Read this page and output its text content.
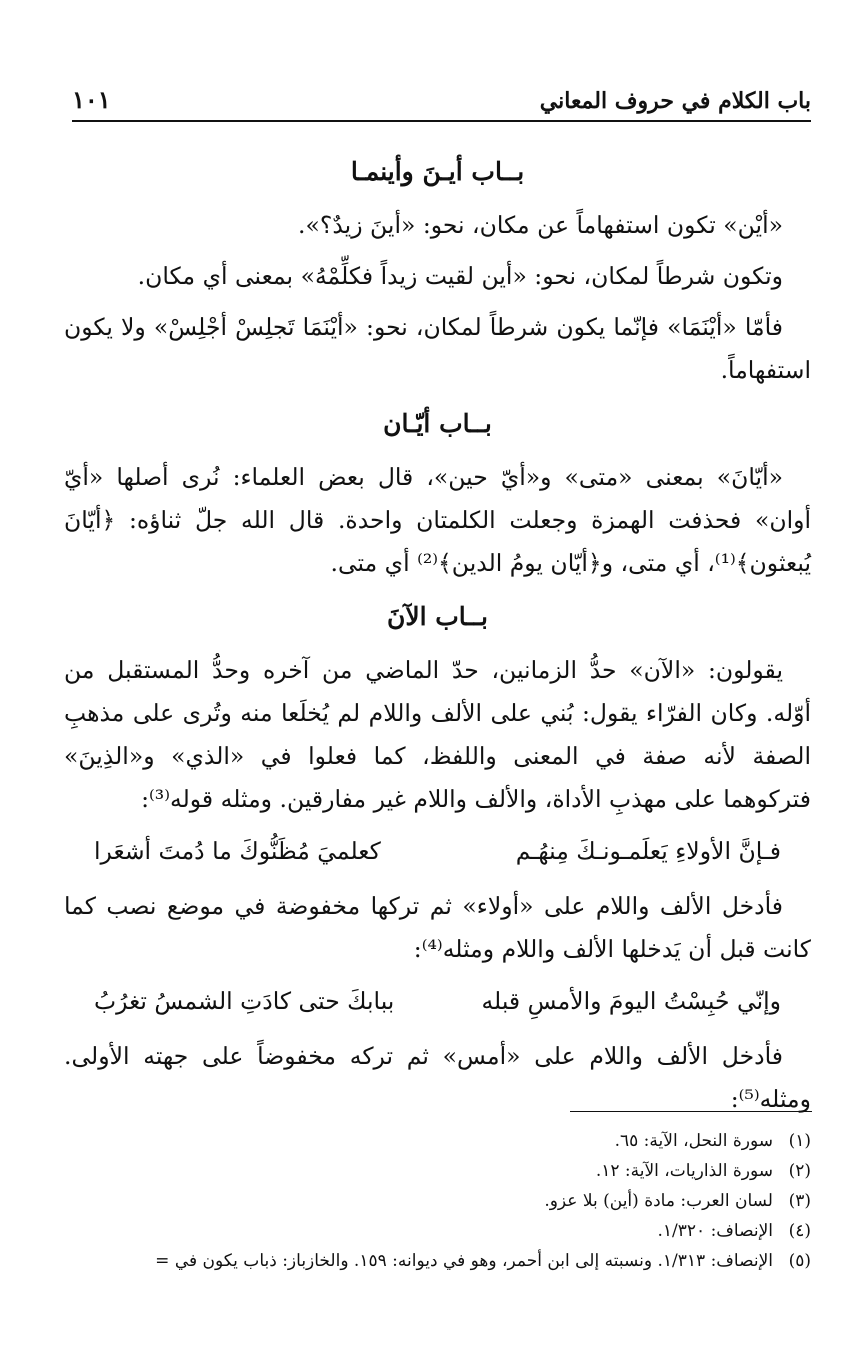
باب الكلام في حروف المعاني
١٠١
بــاب أيـنَ وأينمـا

«أيْن» تكون استفهاماً عن مكان، نحو: «أينَ زيدٌ؟».

وتكون شرطاً لمكان، نحو: «أين لقيت زيداً فكلِّمْهُ» بمعنى أي مكان.

فأمّا «أيْنَمَا» فإنّما يكون شرطاً لمكان، نحو: «أيْنَمَا تَجلِسْ أجْلِسْ» ولا يكون استفهاماً.

بــاب أيّـان

«أيّانَ» بمعنى «متى» و«أيّ حين»، قال بعض العلماء: نُرى أصلها «أيّ أوان» فحذفت الهمزة وجعلت الكلمتان واحدة. قال الله جلّ ثناؤه: ﴿أيّانَ يُبعثون﴾⁽¹⁾، أي متى، و﴿أيّان يومُ الدين﴾⁽²⁾ أي متى.

بــاب الآنَ

يقولون: «الآن» حدُّ الزمانين، حدّ الماضي من آخره وحدُّ المستقبل من أوّله. وكان الفرّاء يقول: بُني على الألف واللام لم يُخلَعا منه وتُرى على مذهبِ الصفة لأنه صفة في المعنى واللفظ، كما فعلوا في «الذي» و«الذِينَ» فتركوهما على مهذبِ الأداة، والألف واللام غير مفارقين. ومثله قوله⁽³⁾:

فـإنَّ الأولاءِ يَعلَمـونـكَ مِنهُـم
كعلميَ مُظَنُّوكَ ما دُمتَ أشعَرا

فأدخل الألف واللام على «أولاء» ثم تركها مخفوضة في موضع نصب كما كانت قبل أن يَدخلها الألف واللام ومثله⁽⁴⁾:

وإنّي حُبِسْتُ اليومَ والأمسِ قبله
ببابكَ حتى كادَتِ الشمسُ تغرُبُ

فأدخل الألف واللام على «أمس» ثم تركه مخفوضاً على جهته الأولى. ومثله⁽⁵⁾:

(١)
سورة النحل، الآية: ٦٥.
(٢)
سورة الذاريات، الآية: ١٢.
(٣)
لسان العرب: مادة (أين) بلا عزو.
(٤)
الإنصاف: ١/٣٢٠.
(٥)
الإنصاف: ١/٣١٣. ونسبته إلى ابن أحمر، وهو في ديوانه: ١٥٩. والخازباز: ذباب يكون في =
